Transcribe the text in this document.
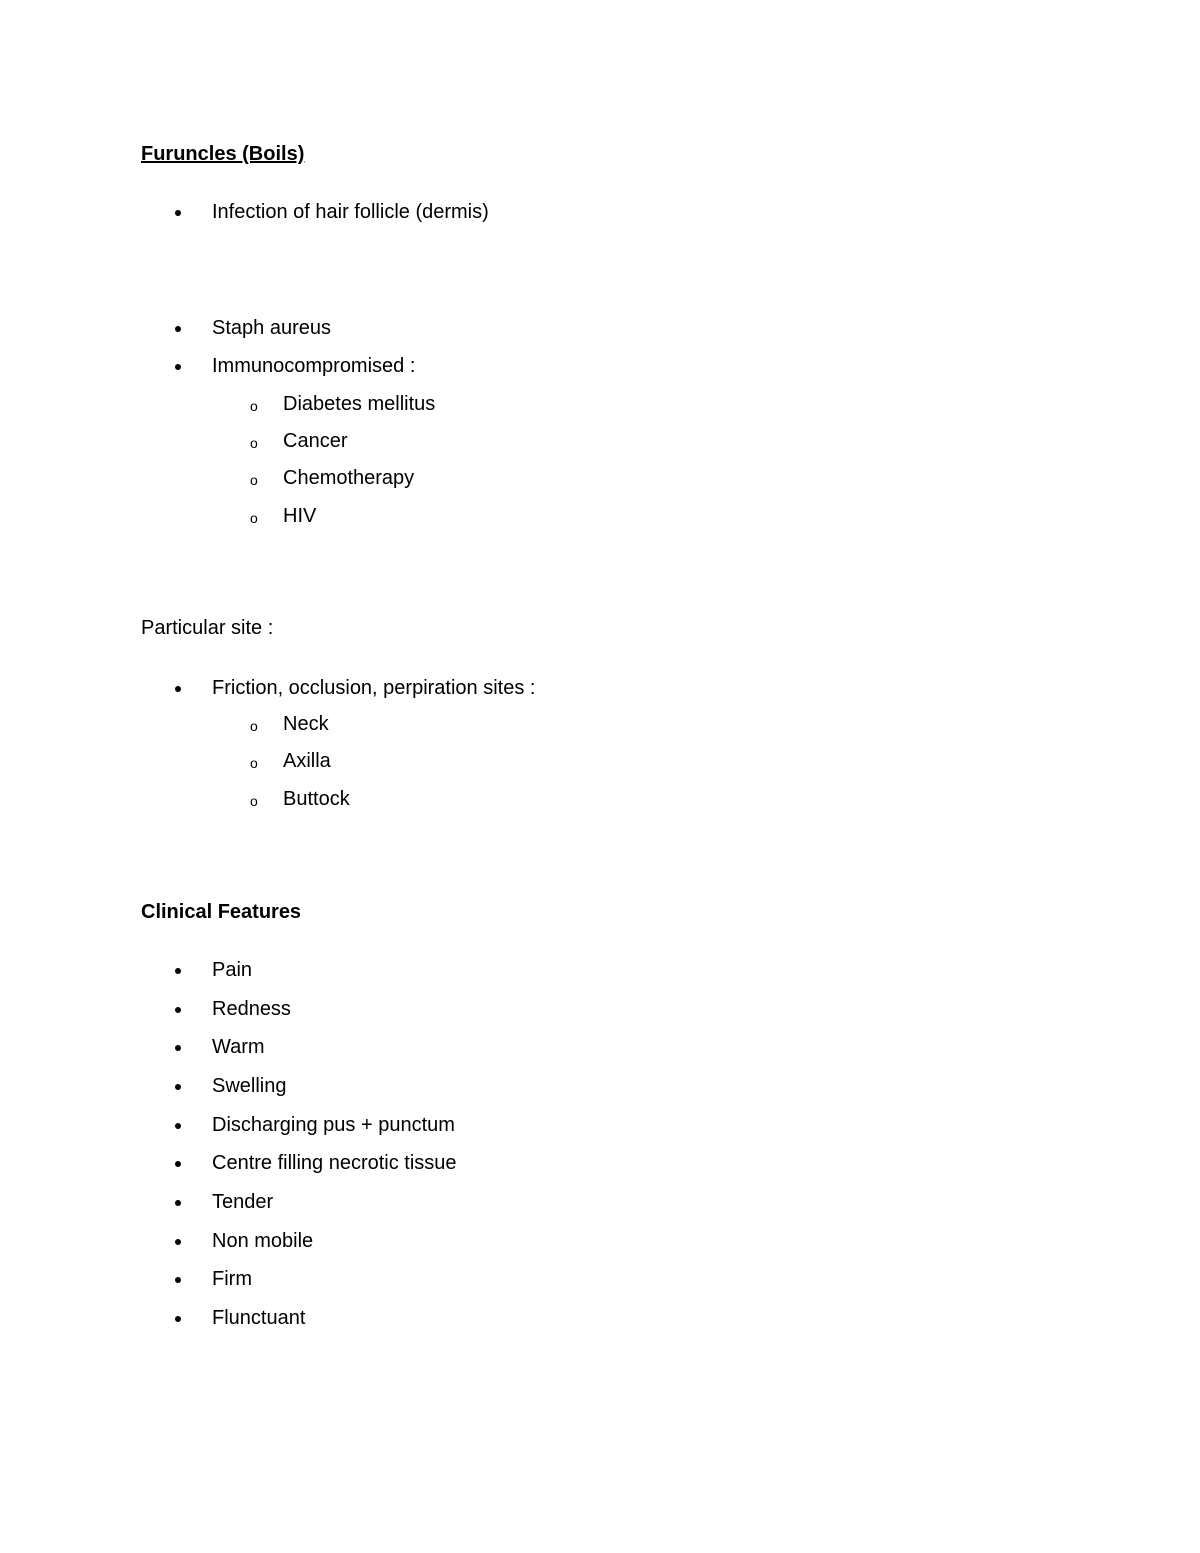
Furuncles (Boils)
Infection of hair follicle (dermis)
Staph aureus
Immunocompromised :
o Diabetes mellitus
o Cancer
o Chemotherapy
o HIV
Particular site :
Friction, occlusion, perpiration sites :
o Neck
o Axilla
o Buttock
Clinical Features
Pain
Redness
Warm
Swelling
Discharging pus + punctum
Centre filling necrotic tissue
Tender
Non mobile
Firm
Flunctuant
